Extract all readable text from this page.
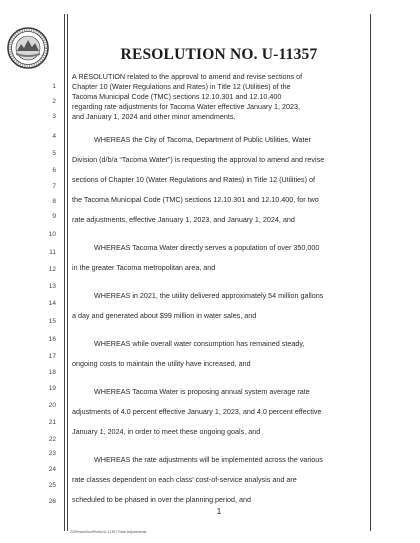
1
2
3
4
5
6
7
8
9
10
11
12
13
14
15
16
17
18
19
20
21
22
23
24
25
26
RESOLUTION NO. U-11357
A RESOLUTION related to the approval to amend and revise sections of
Chapter 10 (Water Regulations and Rates) in Title 12 (Utilities) of the
Tacoma Municipal Code (TMC) sections 12.10.301 and 12.10.400
regarding rate adjustments for Tacoma Water effective January 1, 2023,
and January 1, 2024 and other minor amendments.
WHEREAS the City of Tacoma, Department of Public Utilities, Water
Division (d/b/a “Tacoma Water”) is requesting the approval to amend and revise
sections of Chapter 10 (Water Regulations and Rates) in Title 12 (Utilities) of
the Tacoma Municipal Code (TMC) sections 12.10.301 and 12.10.400, for two
rate adjustments, effective January 1, 2023, and January 1, 2024, and
WHEREAS Tacoma Water directly serves a population of over 350,000
in the greater Tacoma metropolitan area, and
WHEREAS in 2021, the utility delivered approximately 54 million gallons
a day and generated about $99 million in water sales, and
WHEREAS while overall water consumption has remained steady,
ongoing costs to maintain the utility have increased, and
WHEREAS Tacoma Water is proposing annual system average rate
adjustments of 4.0 percent effective January 1, 2023, and 4.0 percent effective
January 1, 2024, in order to meet these ongoing goals, and
WHEREAS the rate adjustments will be implemented across the various
rate classes dependent on each class' cost-of-service analysis and are
scheduled to be phased in over the planning period, and
1
22/Resolution/Public/U-11357 Rate Adjustments
